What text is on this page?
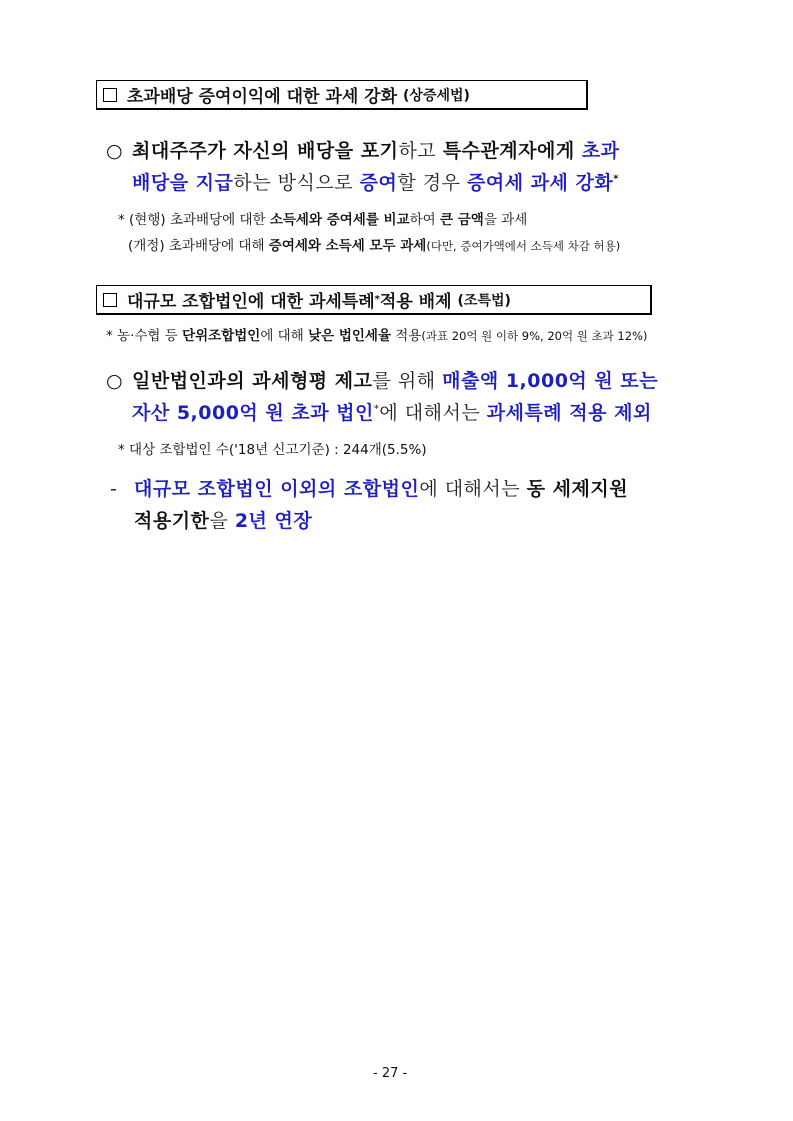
초과배당 증여이익에 대한 과세 강화 (상증세법)
○ 최대주주가 자신의 배당을 포기하고 특수관계자에게 초과
배당을 지급하는 방식으로 증여할 경우 증여세 과세 강화*
* (현행) 초과배당에 대한 소득세와 증여세를 비교하여 큰 금액을 과세
(개정) 초과배당에 대해 증여세와 소득세 모두 과세(다만, 증여가액에서 소득세 차감 허용)
대규모 조합법인에 대한 과세특례 * 적용 배제 (조특법)
* 농·수협 등 단위조합법인에 대해 낮은 법인세율 적용(과표 20억 원 이하 9%, 20억 원 초과 12%)
○ 일반법인과의 과세형평 제고를 위해 매출액 1,000억 원 또는
자산 5,000억 원 초과 법인*에 대해서는 과세특례 적용 제외
* 대상 조합법인 수('18년 신고기준) : 244개(5.5%)
- 대규모 조합법인 이외의 조합법인에 대해서는 동 세제지원
적용기한을 2년 연장
- 27 -
